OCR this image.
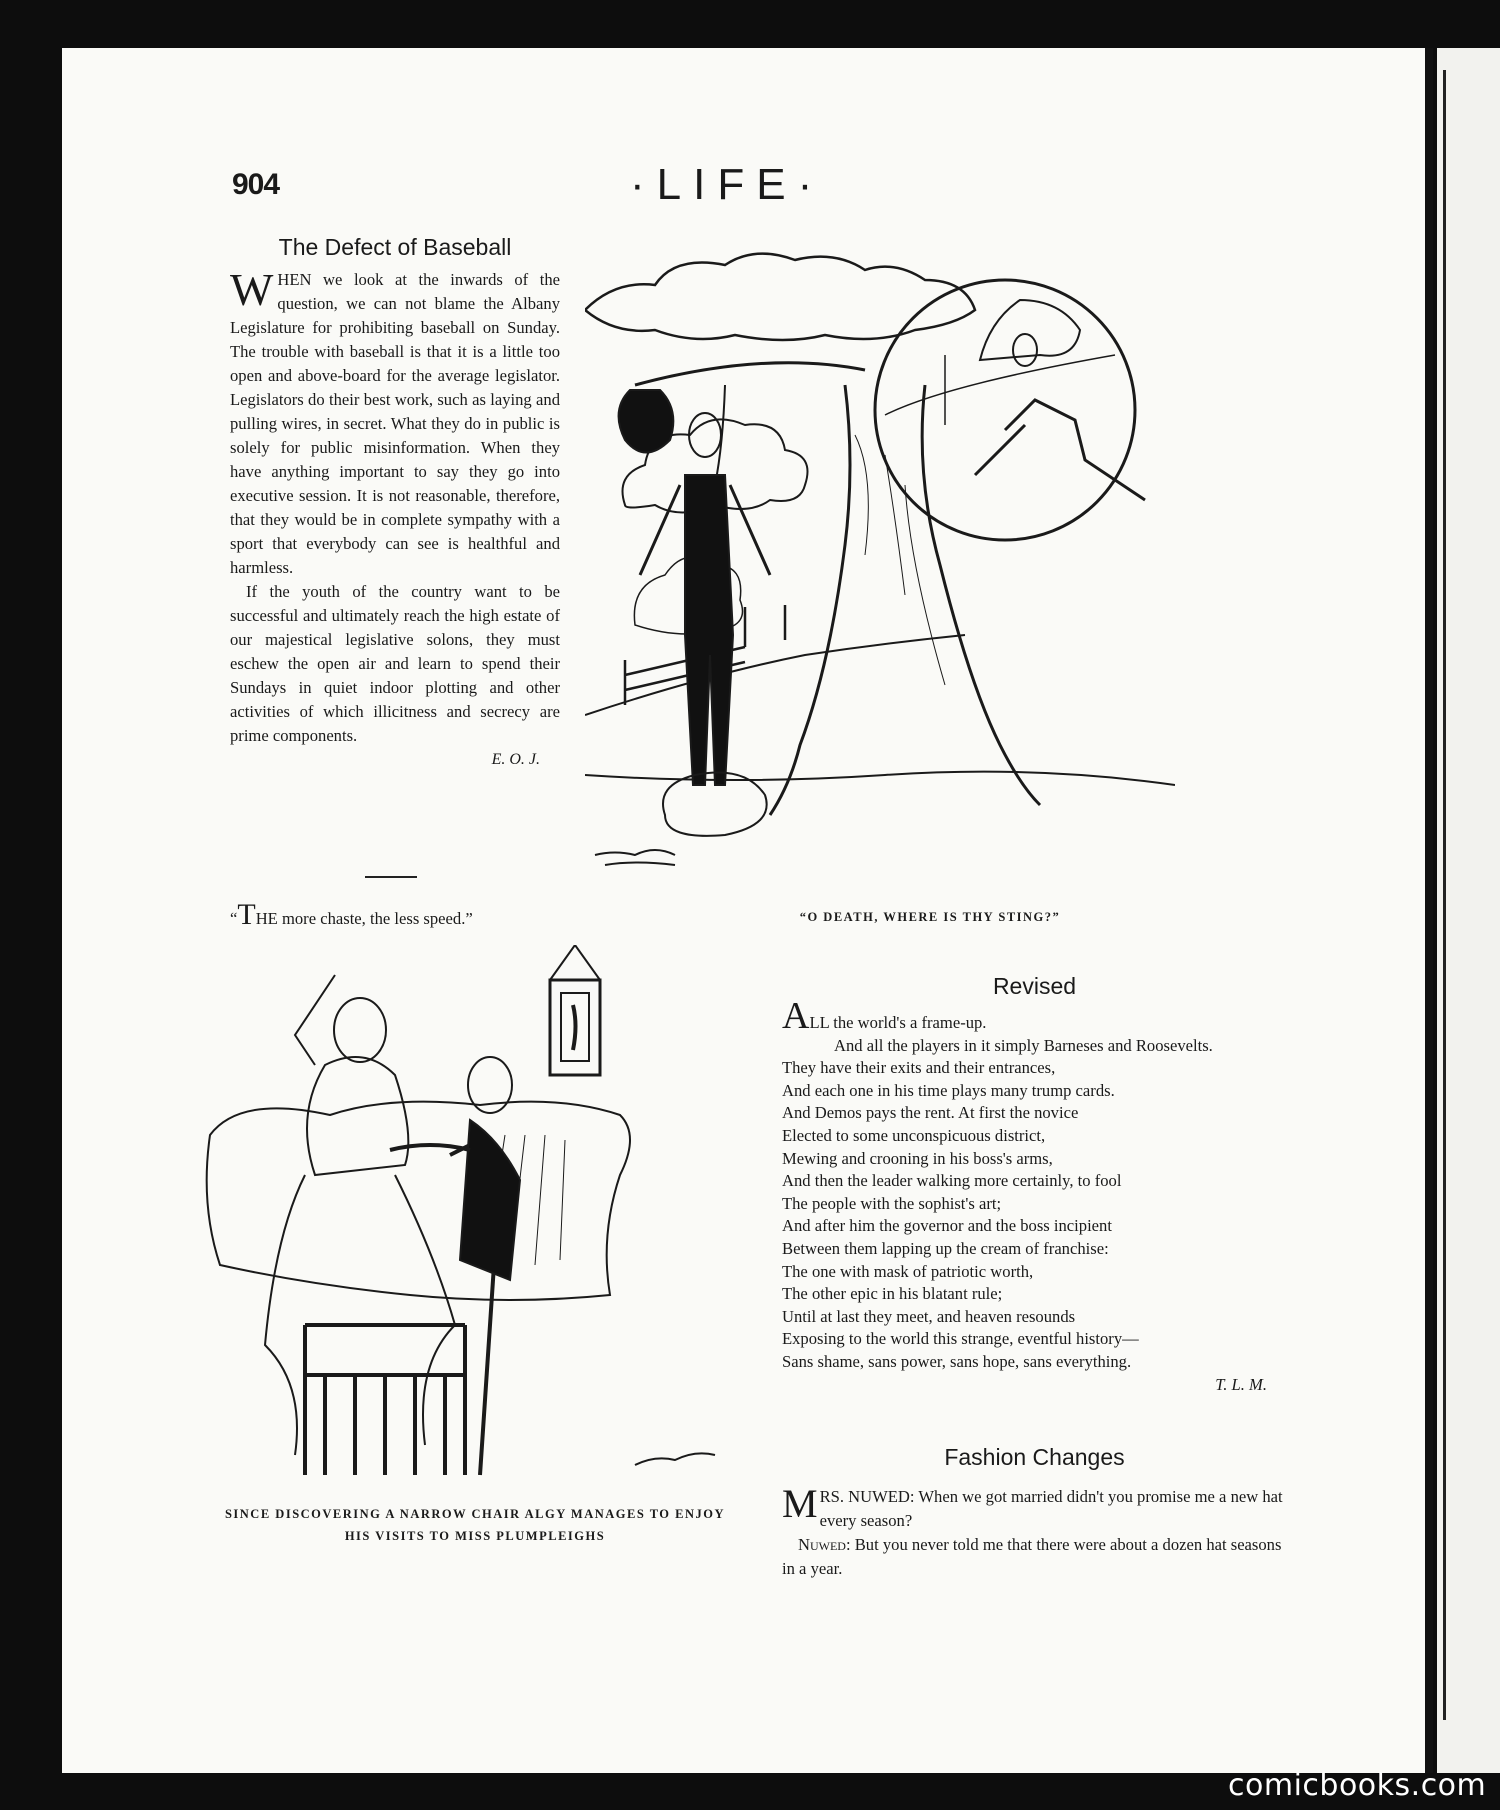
904	·LIFE·
The Defect of Baseball

WHEN we look at the inwards of the question, we can not blame the Albany Legislature for prohibiting baseball on Sunday. The trouble with baseball is that it is a little too open and above-board for the average legislator. Legislators do their best work, such as laying and pulling wires, in secret. What they do in public is solely for public misinformation. When they have anything important to say they go into executive session. It is not reasonable, therefore, that they would be in complete sympathy with a sport that everybody can see is healthful and harmless.

If the youth of the country want to be successful and ultimately reach the high estate of our majestical legislative solons, they must eschew the open air and learn to spend their Sundays in quiet indoor plotting and other activities of which illicitness and secrecy are prime components.

E. O. J.
“THE more chaste, the less speed.”	“O DEATH, WHERE IS THY STING?”
SINCE DISCOVERING A NARROW CHAIR ALGY MANAGES TO ENJOY
HIS VISITS TO MISS PLUMPLEIGHS
Revised
ALL the world's a frame-up.
And all the players in it simply Barneses and Roosevelts.
They have their exits and their entrances,
And each one in his time plays many trump cards.
And Demos pays the rent. At first the novice
Elected to some unconspicuous district,
Mewing and crooning in his boss's arms,
And then the leader walking more certainly, to fool
The people with the sophist's art;
And after him the governor and the boss incipient
Between them lapping up the cream of franchise:
The one with mask of patriotic worth,
The other epic in his blatant rule;
Until at last they meet, and heaven resounds
Exposing to the world this strange, eventful history—
Sans shame, sans power, sans hope, sans everything.
T. L. M.
Fashion Changes

MRS. NUWED: When we got married didn't you promise me a new hat every season?

Nuwed: But you never told me that there were about a dozen hat seasons in a year.

comicbooks.com
